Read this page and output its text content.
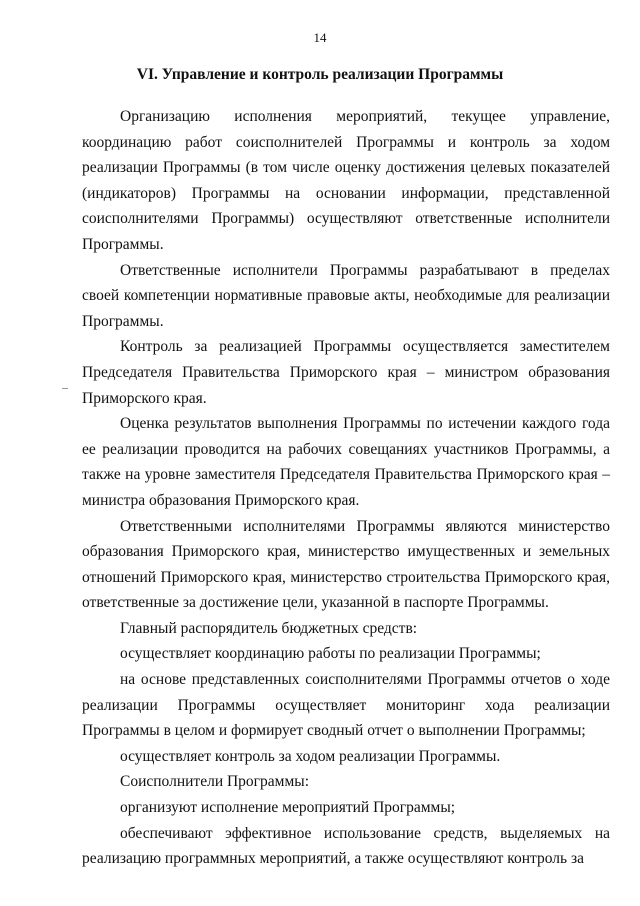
14
VI. Управление и контроль реализации Программы

Организацию исполнения мероприятий, текущее управление, координацию работ соисполнителей Программы и контроль за ходом реализации Программы (в том числе оценку достижения целевых показателей (индикаторов) Программы на основании информации, представленной соисполнителями Программы) осуществляют ответственные исполнители Программы.

Ответственные исполнители Программы разрабатывают в пределах своей компетенции нормативные правовые акты, необходимые для реализации Программы.

Контроль за реализацией Программы осуществляется заместителем Председателя Правительства Приморского края – министром образования Приморского края.

Оценка результатов выполнения Программы по истечении каждого года ее реализации проводится на рабочих совещаниях участников Программы, а также на уровне заместителя Председателя Правительства Приморского края – министра образования Приморского края.

Ответственными исполнителями Программы являются министерство образования Приморского края, министерство имущественных и земельных отношений Приморского края, министерство строительства Приморского края, ответственные за достижение цели, указанной в паспорте Программы.

Главный распорядитель бюджетных средств:

осуществляет координацию работы по реализации Программы;

на основе представленных соисполнителями Программы отчетов о ходе реализации Программы осуществляет мониторинг хода реализации Программы в целом и формирует сводный отчет о выполнении Программы;

осуществляет контроль за ходом реализации Программы.

Соисполнители Программы:

организуют исполнение мероприятий Программы;

обеспечивают эффективное использование средств, выделяемых на реализацию программных мероприятий, а также осуществляют контроль за
